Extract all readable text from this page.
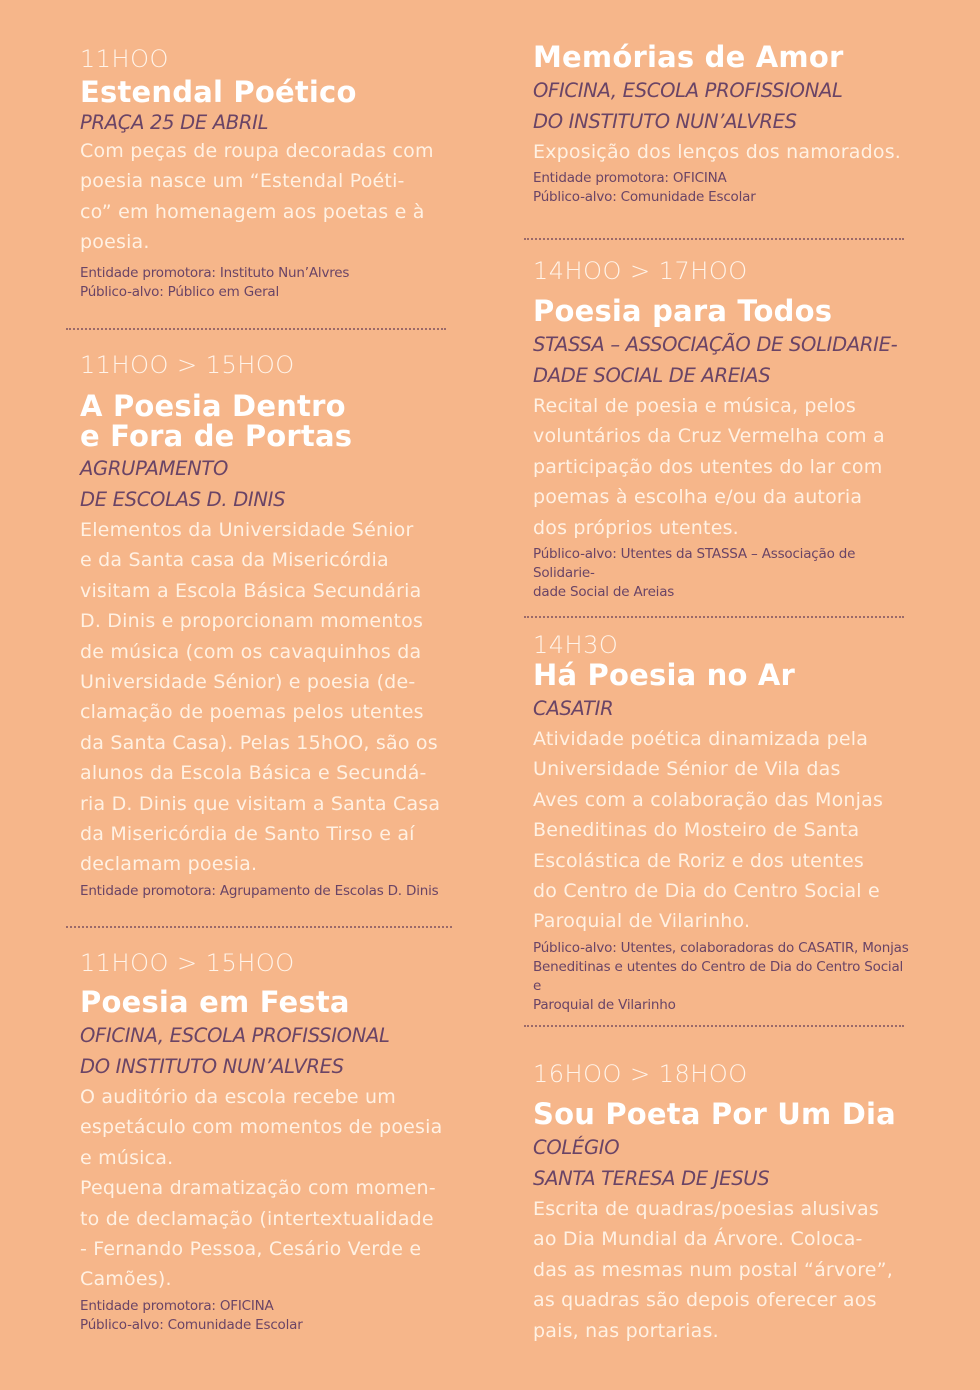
11HOO

Estendal Poético

PRAÇA 25 DE ABRIL

Com peças de roupa decoradas com

poesia nasce um “Estendal Poéti-

co” em homenagem aos poetas e à

poesia.

Entidade promotora: Instituto Nun’Alvres
Público-alvo: Público em Geral

11HOO > 15HOO

A Poesia Dentro
e Fora de Portas

AGRUPAMENTO

DE ESCOLAS D. DINIS

Elementos da Universidade Sénior

e da Santa casa da Misericórdia

visitam a Escola Básica Secundária

D. Dinis e proporcionam momentos

de música (com os cavaquinhos da

Universidade Sénior) e poesia (de-

clamação de poemas pelos utentes

da Santa Casa). Pelas 15hOO, são os

alunos da Escola Básica e Secundá-

ria D. Dinis que visitam a Santa Casa

da Misericórdia de Santo Tirso e aí

declamam poesia.

Entidade promotora: Agrupamento de Escolas D. Dinis

11HOO > 15HOO

Poesia em Festa

OFICINA, ESCOLA PROFISSIONAL

DO INSTITUTO NUN’ALVRES

O auditório da escola recebe um

espetáculo com momentos de poesia

e música.

Pequena dramatização com momen-

to de declamação (intertextualidade

- Fernando Pessoa, Cesário Verde e

Camões).

Entidade promotora: OFICINA
Público-alvo: Comunidade Escolar
Memórias de Amor

OFICINA, ESCOLA PROFISSIONAL

DO INSTITUTO NUN’ALVRES

Exposição dos lenços dos namorados.

Entidade promotora: OFICINA
Público-alvo: Comunidade Escolar

14HOO > 17HOO

Poesia para Todos

STASSA – ASSOCIAÇÃO DE SOLIDARIE-

DADE SOCIAL DE AREIAS

Recital de poesia e música, pelos

voluntários da Cruz Vermelha com a

participação dos utentes do lar com

poemas à escolha e/ou da autoria

dos próprios utentes.

Público-alvo: Utentes da STASSA – Associação de Solidarie-
dade Social de Areias

14H3O

Há Poesia no Ar

CASATIR

Atividade poética dinamizada pela

Universidade Sénior de Vila das

Aves com a colaboração das Monjas

Beneditinas do Mosteiro de Santa

Escolástica de Roriz e dos utentes

do Centro de Dia do Centro Social e

Paroquial de Vilarinho.

Público-alvo: Utentes, colaboradoras do CASATIR, Monjas
Beneditinas e utentes do Centro de Dia do Centro Social e
Paroquial de Vilarinho

16HOO > 18HOO

Sou Poeta Por Um Dia

COLÉGIO

SANTA TERESA DE JESUS

Escrita de quadras/poesias alusivas

ao Dia Mundial da Árvore. Coloca-

das as mesmas num postal “árvore”,

as quadras são depois oferecer aos

pais, nas portarias.
